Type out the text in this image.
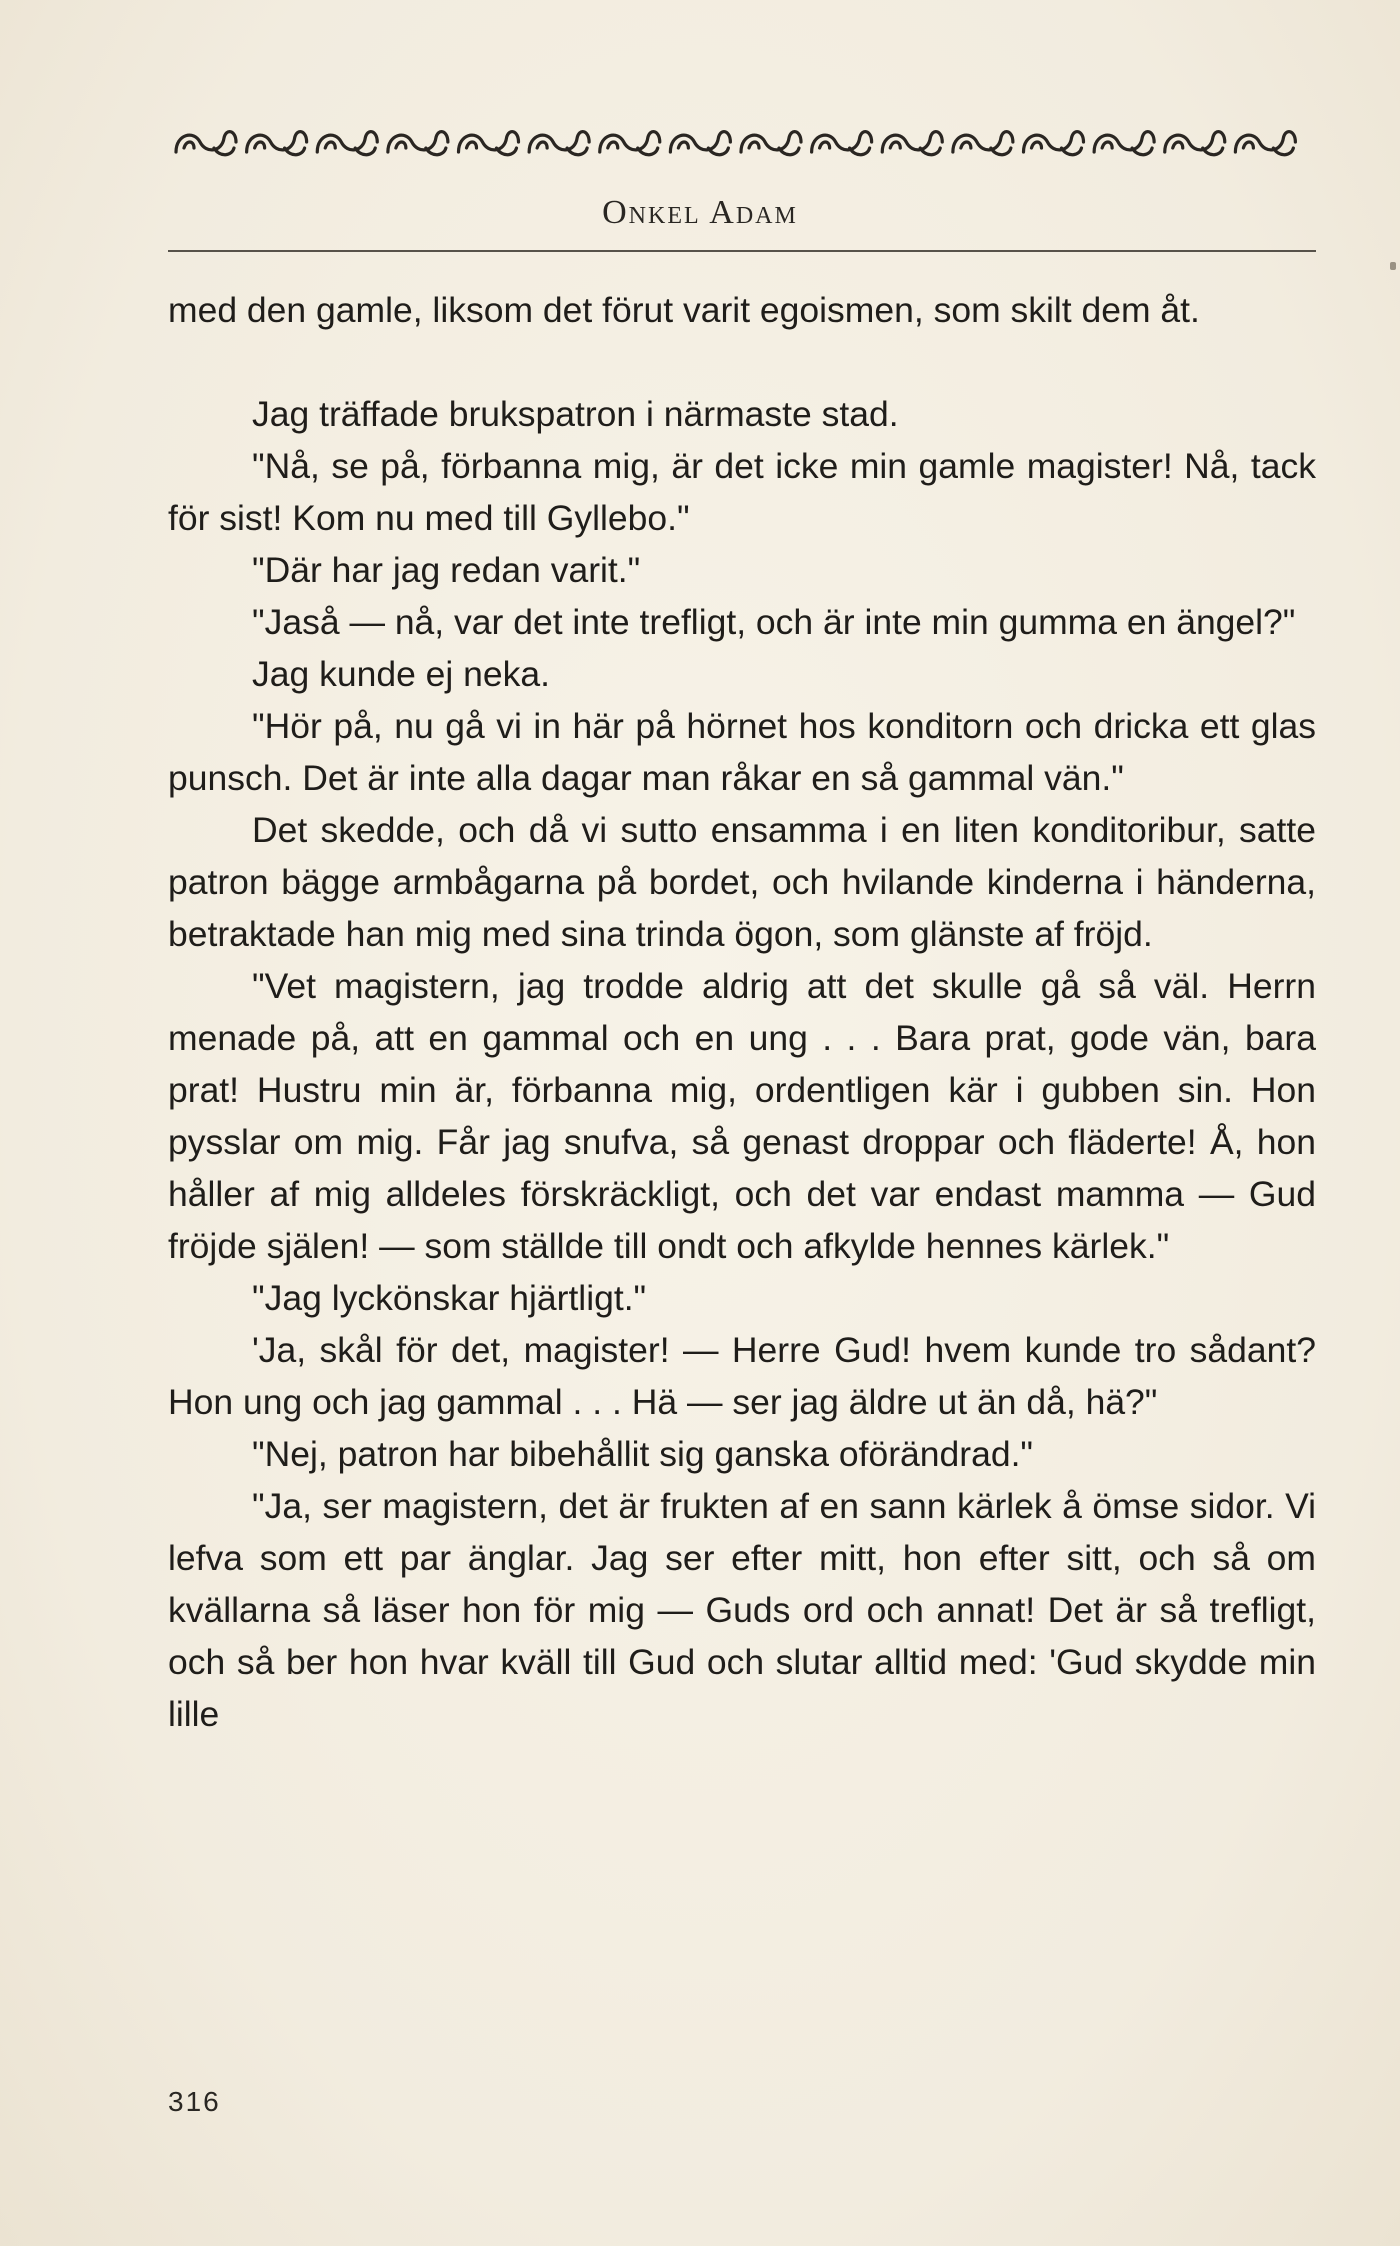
Onkel Adam

med den gamle, liksom det förut varit egoismen, som skilt dem åt.

Jag träffade brukspatron i närmaste stad.

"Nå, se på, förbanna mig, är det icke min gamle magister! Nå, tack för sist! Kom nu med till Gyllebo."

"Där har jag redan varit."

"Jaså — nå, var det inte trefligt, och är inte min gumma en ängel?"

Jag kunde ej neka.

"Hör på, nu gå vi in här på hörnet hos konditorn och dricka ett glas punsch. Det är inte alla dagar man råkar en så gammal vän."

Det skedde, och då vi sutto ensamma i en liten konditoribur, satte patron bägge armbågarna på bordet, och hvilande kinderna i händerna, betraktade han mig med sina trinda ögon, som glänste af fröjd.

"Vet magistern, jag trodde aldrig att det skulle gå så väl. Herrn menade på, att en gammal och en ung . . . Bara prat, gode vän, bara prat! Hustru min är, förbanna mig, ordentligen kär i gubben sin. Hon pysslar om mig. Får jag snufva, så genast droppar och fläderte! Å, hon håller af mig alldeles förskräckligt, och det var endast mamma — Gud fröjde själen! — som ställde till ondt och afkylde hennes kärlek."

"Jag lyckönskar hjärtligt."

'Ja, skål för det, magister! — Herre Gud! hvem kunde tro sådant? Hon ung och jag gammal . . . Hä — ser jag äldre ut än då, hä?"

"Nej, patron har bibehållit sig ganska oförändrad."

"Ja, ser magistern, det är frukten af en sann kärlek å ömse sidor. Vi lefva som ett par änglar. Jag ser efter mitt, hon efter sitt, och så om kvällarna så läser hon för mig — Guds ord och annat! Det är så trefligt, och så ber hon hvar kväll till Gud och slutar alltid med: 'Gud skydde min lille

316
